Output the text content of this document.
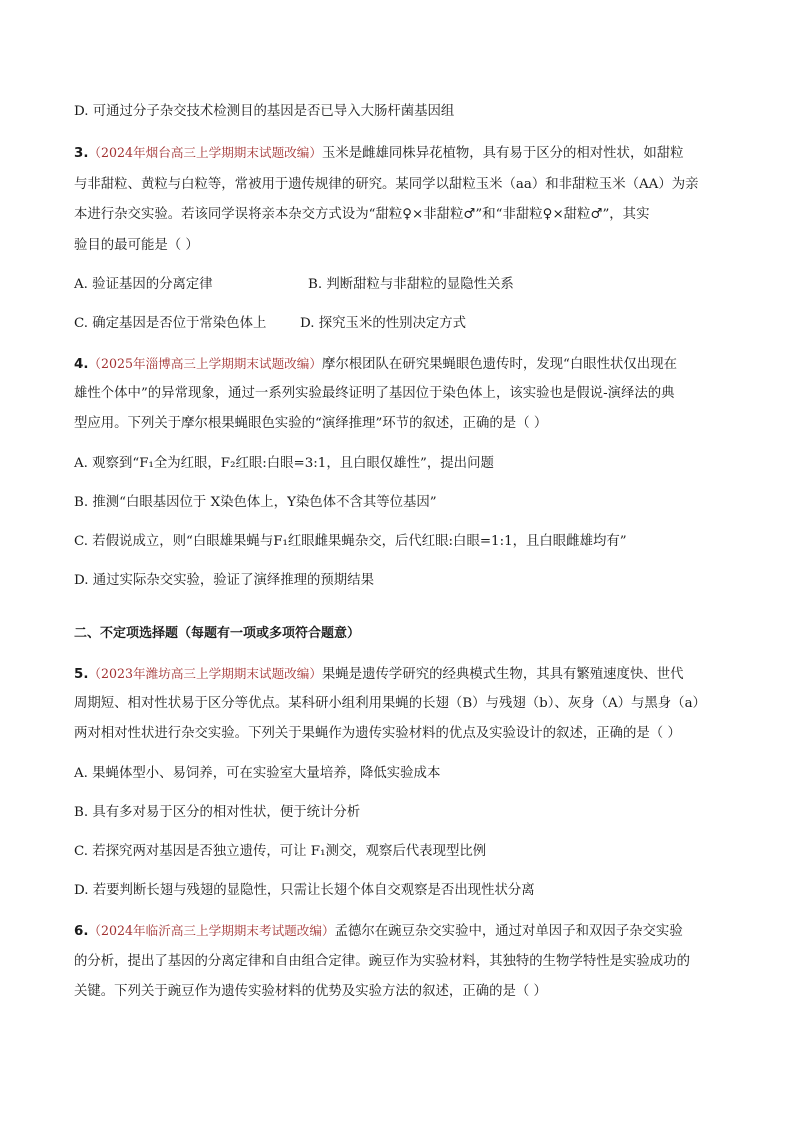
D. 可通过分子杂交技术检测目的基因是否已导入大肠杆菌基因组
3.（2024年烟台高三上学期期末试题改编）玉米是雌雄同株异花植物，具有易于区分的相对性状，如甜粒
与非甜粒、黄粒与白粒等，常被用于遗传规律的研究。某同学以甜粒玉米（aa）和非甜粒玉米（AA）为亲
本进行杂交实验。若该同学误将亲本杂交方式设为“甜粒♀×非甜粒♂”和“非甜粒♀×甜粒♂”，其实
验目的最可能是（ ）
A. 验证基因的分离定律	B. 判断甜粒与非甜粒的显隐性关系
C. 确定基因是否位于常染色体上	D. 探究玉米的性别决定方式
4.（2025年淄博高三上学期期末试题改编）摩尔根团队在研究果蝇眼色遗传时，发现“白眼性状仅出现在
雄性个体中”的异常现象，通过一系列实验最终证明了基因位于染色体上，该实验也是假说-演绎法的典
型应用。下列关于摩尔根果蝇眼色实验的“演绎推理”环节的叙述，正确的是（ ）
A. 观察到“F₁全为红眼，F₂红眼:白眼=3:1，且白眼仅雄性”，提出问题
B. 推测“白眼基因位于 X染色体上，Y染色体不含其等位基因”
C. 若假说成立，则“白眼雄果蝇与F₁红眼雌果蝇杂交，后代红眼:白眼=1:1，且白眼雌雄均有”
D. 通过实际杂交实验，验证了演绎推理的预期结果
二、不定项选择题（每题有一项或多项符合题意）
5.（2023年潍坊高三上学期期末试题改编）果蝇是遗传学研究的经典模式生物，其具有繁殖速度快、世代
周期短、相对性状易于区分等优点。某科研小组利用果蝇的长翅（B）与残翅（b）、灰身（A）与黑身（a）
两对相对性状进行杂交实验。下列关于果蝇作为遗传实验材料的优点及实验设计的叙述，正确的是（ ）
A. 果蝇体型小、易饲养，可在实验室大量培养，降低实验成本
B. 具有多对易于区分的相对性状，便于统计分析
C. 若探究两对基因是否独立遗传，可让 F₁测交，观察后代表现型比例
D. 若要判断长翅与残翅的显隐性，只需让长翅个体自交观察是否出现性状分离
6.（2024年临沂高三上学期期末考试题改编）孟德尔在豌豆杂交实验中，通过对单因子和双因子杂交实验
的分析，提出了基因的分离定律和自由组合定律。豌豆作为实验材料，其独特的生物学特性是实验成功的
关键。下列关于豌豆作为遗传实验材料的优势及实验方法的叙述，正确的是（ ）
